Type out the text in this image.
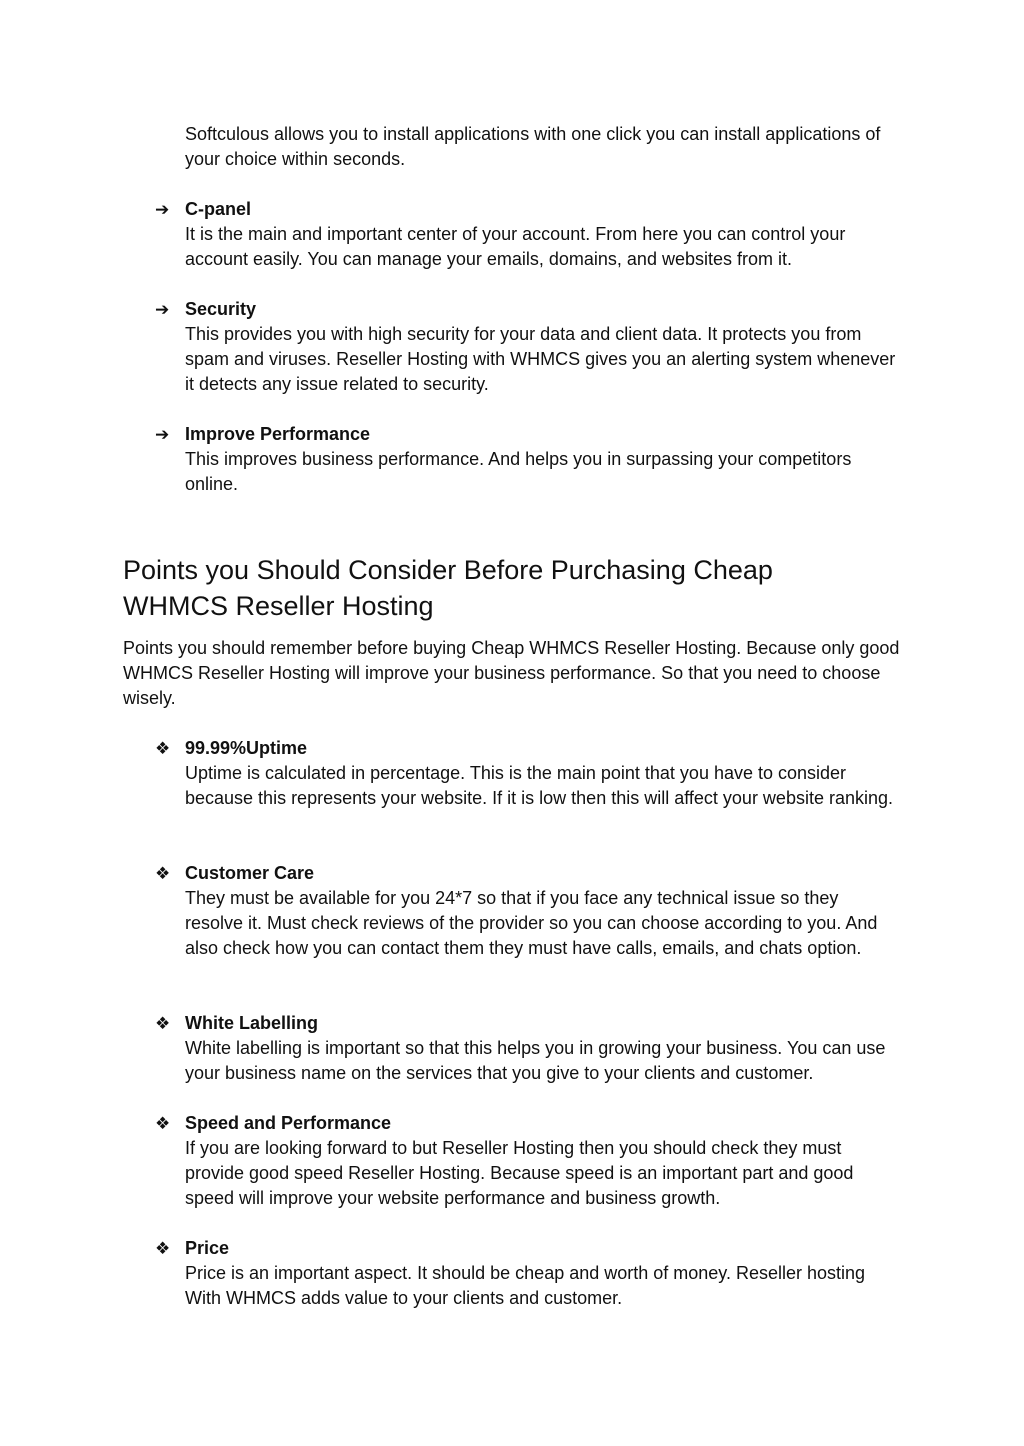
Softculous allows you to install applications with one click you can install applications of your choice within seconds.

➔ C-panel

It is the main and important center of your account. From here you can control your account easily. You can manage your emails, domains, and websites from it.

➔ Security

This provides you with high security for your data and client data. It protects you from spam and viruses. Reseller Hosting with WHMCS gives you an alerting system whenever it detects any issue related to security.

➔ Improve Performance

This improves business performance. And helps you in surpassing your competitors online.

Points you Should Consider Before Purchasing Cheap WHMCS Reseller Hosting

Points you should remember before buying Cheap WHMCS Reseller Hosting. Because only good WHMCS Reseller Hosting will improve your business performance. So that you need to choose wisely.

❖ 99.99%Uptime

Uptime is calculated in percentage. This is the main point that you have to consider because this represents your website. If it is low then this will affect your website ranking.

❖ Customer Care

They must be available for you 24*7 so that if you face any technical issue so they resolve it. Must check reviews of the provider so you can choose according to you. And also check how you can contact them they must have calls, emails, and chats option.

❖ White Labelling

White labelling is important so that this helps you in growing your business. You can use your business name on the services that you give to your clients and customer.

❖ Speed and Performance

If you are looking forward to but Reseller Hosting then you should check they must provide good speed Reseller Hosting. Because speed is an important part and good speed will improve your website performance and business growth.

❖ Price

Price is an important aspect. It should be cheap and worth of money. Reseller hosting With WHMCS adds value to your clients and customer.
